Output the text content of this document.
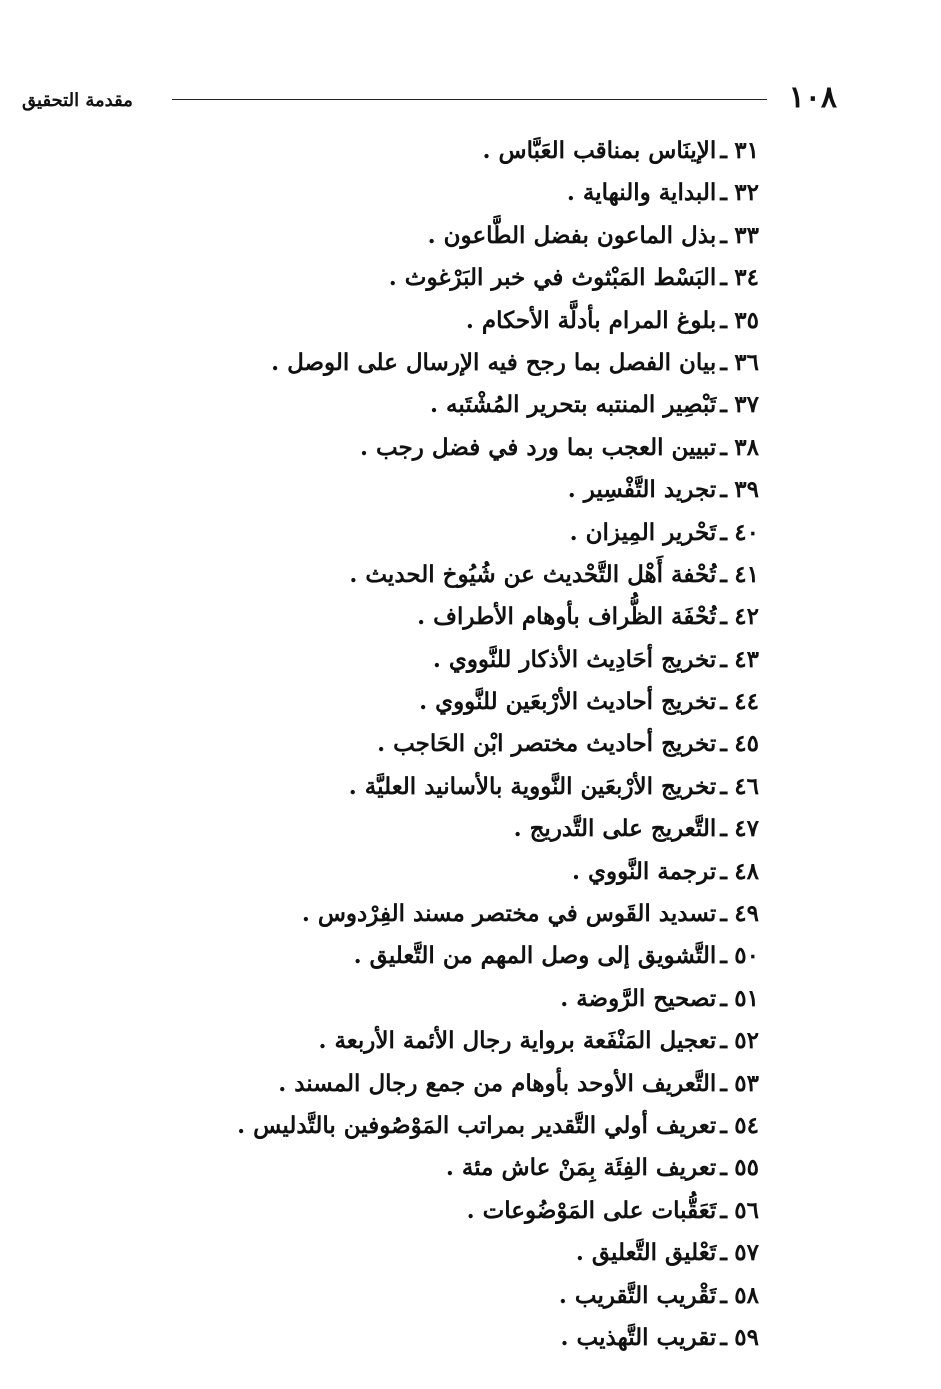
١٠٨
مقدمة التحقيق
٣١ـالإينَاس بمناقب العَبَّاس .
٣٢ـالبداية والنهاية .
٣٣ـبذل الماعون بفضل الطَّاعون .
٣٤ـالبَسْط المَبْثوث في خبر البَرْغوث .
٣٥ـبلوغ المرام بأدلَّة الأحكام .
٣٦ـبيان الفصل بما رجح فيه الإرسال على الوصل .
٣٧ـتَبْصِير المنتبه بتحرير المُشْتَبه .
٣٨ـتبيين العجب بما ورد في فضل رجب .
٣٩ـتجريد التَّفْسِير .
٤٠ـتَحْرير المِيزان .
٤١ـتُحْفة أَهْل التَّحْديث عن شُيُوخ الحديث .
٤٢ـتُحْفَة الظُّراف بأوهام الأطراف .
٤٣ـتخريج أحَادِيث الأذكار للنَّووي .
٤٤ـتخريج أحاديث الأرْبعَين للنَّووي .
٤٥ـتخريج أحاديث مختصر ابْن الحَاجب .
٤٦ـتخريج الأرْبعَين النَّووية بالأسانيد العليَّة .
٤٧ـالتَّعريج على التَّدريج .
٤٨ـترجمة النَّووي .
٤٩ـتسديد القَوس في مختصر مسند الفِرْدوس .
٥٠ـالتَّشويق إلى وصل المهم من التَّعليق .
٥١ـتصحيح الرَّوضة .
٥٢ـتعجيل المَنْفَعة برواية رجال الأئمة الأربعة .
٥٣ـالتَّعريف الأوحد بأوهام من جمع رجال المسند .
٥٤ـتعريف أولي التَّقدير بمراتب المَوْصُوفين بالتَّدليس .
٥٥ـتعريف الفِئَة بِمَنْ عاش مئة .
٥٦ـتَعَقُّبات على المَوْضُوعات .
٥٧ـتَعْليق التَّعليق .
٥٨ـتَقْريب التَّقريب .
٥٩ـتقريب التَّهذيب .
